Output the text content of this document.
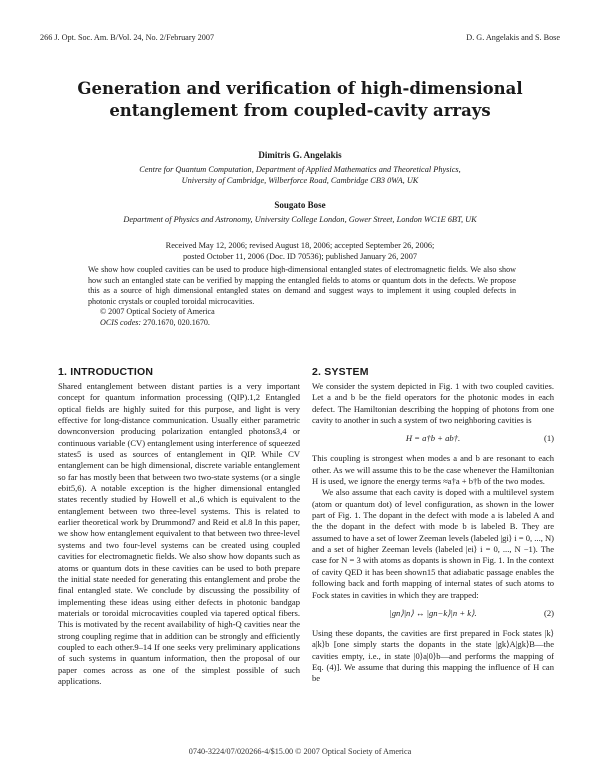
266 J. Opt. Soc. Am. B/Vol. 24, No. 2/February 2007	D. G. Angelakis and S. Bose
Generation and verification of high-dimensional
entanglement from coupled-cavity arrays
Dimitris G. Angelakis
Centre for Quantum Computation, Department of Applied Mathematics and Theoretical Physics,
University of Cambridge, Wilberforce Road, Cambridge CB3 0WA, UK
Sougato Bose
Department of Physics and Astronomy, University College London, Gower Street, London WC1E 6BT, UK
Received May 12, 2006; revised August 18, 2006; accepted September 26, 2006;
posted October 11, 2006 (Doc. ID 70536); published January 26, 2007

We show how coupled cavities can be used to produce high-dimensional entangled states of electromagnetic fields. We also show how such an entangled state can be verified by mapping the entangled fields to atoms or quantum dots in the defects. We propose this as a source of high dimensional entangled states on demand and suggest ways to implement it using coupled defects in photonic crystals or coupled toroidal microcavities.

© 2007 Optical Society of America

OCIS codes: 270.1670, 020.1670.

1. INTRODUCTION	2. SYSTEM

Shared entanglement between distant parties is a very important concept for quantum information processing (QIP).1,2 Entangled optical fields are highly suited for this purpose, and light is very effective for long-distance communication. Usually either parametric downconversion producing polarization entangled photons3,4 or continuous variable (CV) entanglement using interference of squeezed states5 is used as sources of entanglement in QIP. While CV entanglement can be high dimensional, discrete variable entanglement so far has mostly been that between two two-state systems (or a single ebit5,6). A notable exception is the higher dimensional entangled states recently studied by Howell et al.,6 which is equivalent to the entanglement between two three-level systems. This is related to earlier theoretical work by Drummond7 and Reid et al.8 In this paper, we show how entanglement equivalent to that between two three-level systems and two four-level systems can be created using coupled cavities for electromagnetic fields. We also show how dopants such as atoms or quantum dots in these cavities can be used to both prepare the initial state needed for generating this entanglement and probe the final entangled state. We conclude by discussing the possibility of implementing these ideas using either defects in photonic bandgap materials or toroidal microcavities coupled via tapered optical fibers. This is motivated by the recent availability of high-Q cavities near the strong coupling regime that in addition can be strongly and efficiently coupled to each other.9–14 If one seeks very preliminary applications of such systems in quantum information, then the proposal of our paper comes across as one of the simplest possible of such applications.

We consider the system depicted in Fig. 1 with two coupled cavities. Let a and b be the field operators for the photonic modes in each defect. The Hamiltonian describing the hopping of photons from one cavity to another in such a system of two neighboring cavities is

H = a†b + ab†.	(1)

This coupling is strongest when modes a and b are resonant to each other. As we will assume this to be the case whenever the Hamiltonian H is used, we ignore the energy terms ≈a†a + b†b of the two modes.

We also assume that each cavity is doped with a multilevel system (atom or quantum dot) of level configuration, as shown in the lower part of Fig. 1. The dopant in the defect with mode a is labeled A and the the dopant in the defect with mode b is labeled B. They are assumed to have a set of lower Zeeman levels (labeled |gi⟩ i = 0, ..., N) and a set of higher Zeeman levels (labeled |ei⟩ i = 0, ..., N −1). The case for N = 3 with atoms as dopants is shown in Fig. 1. In the context of cavity QED it has been shown15 that adiabatic passage enables the following back and forth mapping of internal states of such atoms to Fock states in cavities in which they are trapped:

|gn⟩|n⟩ ↔ |gn−k⟩|n + k⟩.	(2)

Using these dopants, the cavities are first prepared in Fock states |k⟩a|k⟩b [one simply starts the dopants in the state |gk⟩A|gk⟩B—the cavities empty, i.e., in state |0⟩a|0⟩b—and performs the mapping of Eq. (4)]. We assume that during this mapping the influence of H can be

0740-3224/07/020266-4/$15.00 © 2007 Optical Society of America
